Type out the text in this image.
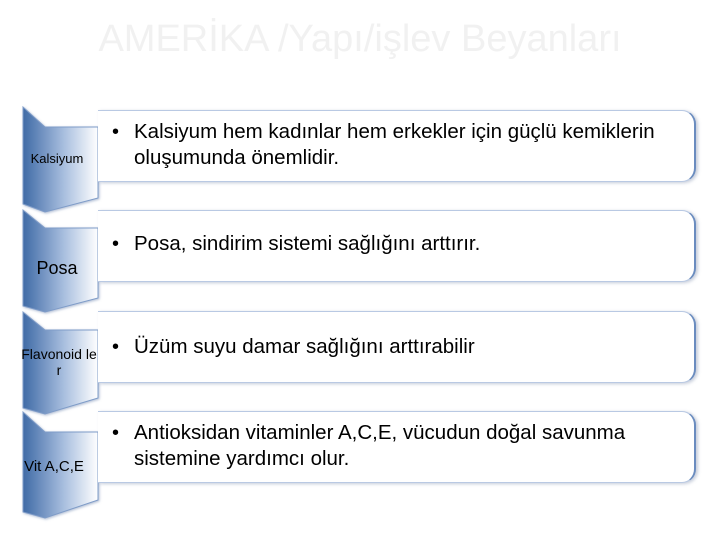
AMERİKA /Yapı/işlev Beyanları
Kalsiyum
Posa
Flavonoid ler
Vit A,C,E
• Kalsiyum hem kadınlar hem erkekler için güçlü kemiklerin oluşumunda önemlidir.
• Posa, sindirim sistemi sağlığını arttırır.
• Üzüm suyu damar sağlığını arttırabilir
• Antioksidan vitaminler A,C,E, vücudun doğal savunma sistemine yardımcı olur.
